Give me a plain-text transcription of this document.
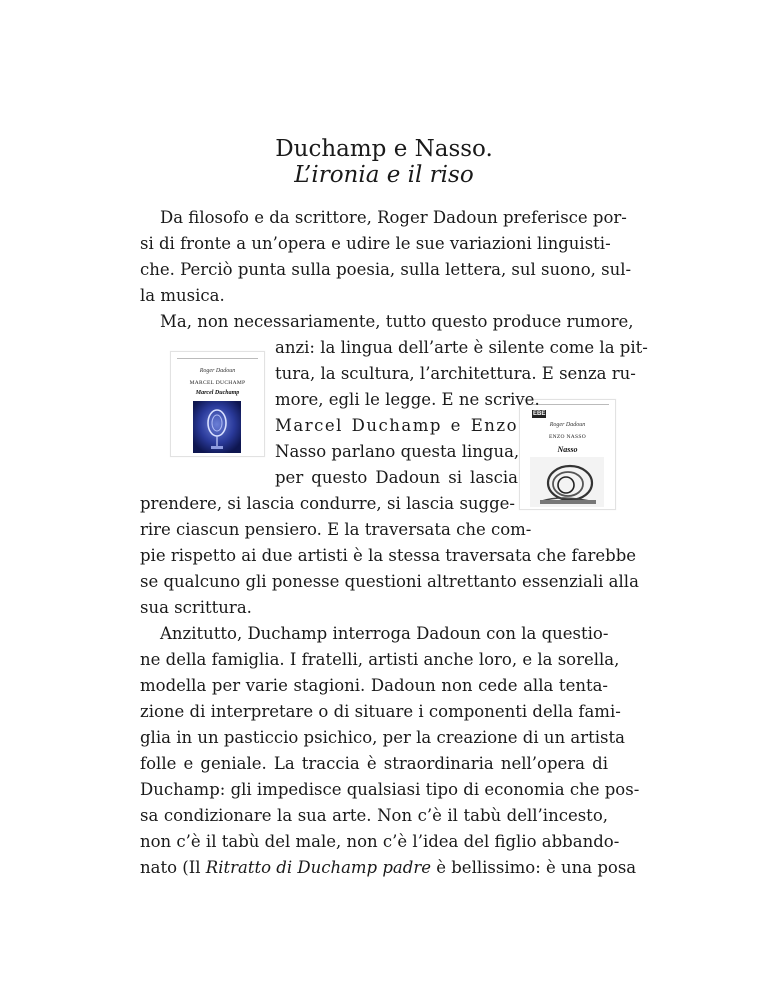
Duchamp e Nasso.
L’ironia e il riso
Roger Dadoun
MARCEL DUCHAMP
Marcel Duchamp
EBE
Roger Dadoun
ENZO NASSO
Nasso
Da filosofo e da scrittore, Roger Dadoun preferisce por-
si di fronte a un’opera e udire le sue variazioni linguisti-
che. Perciò punta sulla poesia, sulla lettera, sul suono, sul-
la musica.
Ma, non necessariamente, tutto questo produce rumore,
anzi: la lingua dell’arte è silente come la pit-
tura, la scultura, l’architettura. E senza ru-
more, egli le legge. E ne scrive.
Marcel Duchamp e Enzo
Nasso parlano questa lingua,
per questo Dadoun si lascia
prendere, si lascia condurre, si lascia sugge-
rire ciascun pensiero. E la traversata che com-
pie rispetto ai due artisti è la stessa traversata che farebbe
se qualcuno gli ponesse questioni altrettanto essenziali alla
sua scrittura.
Anzitutto, Duchamp interroga Dadoun con la questio-
ne della famiglia. I fratelli, artisti anche loro, e la sorella,
modella per varie stagioni. Dadoun non cede alla tenta-
zione di interpretare o di situare i componenti della fami-
glia in un pasticcio psichico, per la creazione di un artista
folle e geniale. La traccia è straordinaria nell’opera di
Duchamp: gli impedisce qualsiasi tipo di economia che pos-
sa condizionare la sua arte. Non c’è il tabù dell’incesto,
non c’è il tabù del male, non c’è l’idea del figlio abbando-
nato (Il Ritratto di Duchamp padre è bellissimo: è una posa
